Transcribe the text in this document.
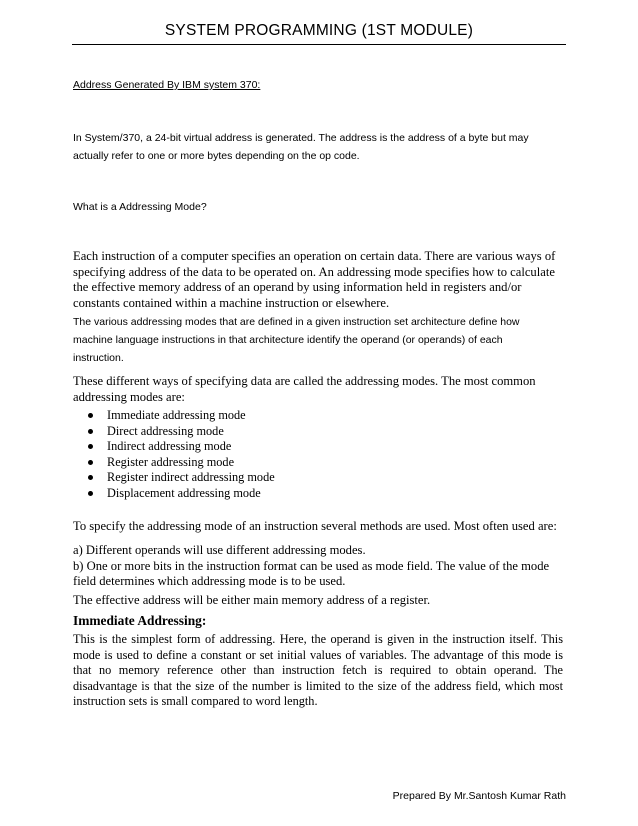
SYSTEM PROGRAMMING (1ST MODULE)
Address Generated By IBM system 370:
In System/370, a 24-bit virtual address is generated. The address is the address of a byte but may
actually refer to one or more bytes depending on the op code.
What is a Addressing Mode?
Each instruction of a computer specifies an operation on certain data. There are various ways of
specifying address of the data to be operated on. An addressing mode specifies how to calculate
the effective memory address of an operand by using information held in registers and/or
constants contained within a machine instruction or elsewhere.
The various addressing modes that are defined in a given instruction set architecture define how
machine language instructions in that architecture identify the operand (or operands) of each
instruction.
These different ways of specifying data are called the addressing modes. The most common
addressing modes are:
Immediate addressing mode
Direct addressing mode
Indirect addressing mode
Register addressing mode
Register indirect addressing mode
Displacement addressing mode
To specify the addressing mode of an instruction several methods are used. Most often used are:
a) Different operands will use different addressing modes.
b) One or more bits in the instruction format can be used as mode field. The value of the mode
field determines which addressing mode is to be used.
The effective address will be either main memory address of a register.
Immediate Addressing:
This is the simplest form of addressing. Here, the operand is given in the instruction itself. This mode is used to define a constant or set initial values of variables. The advantage of this mode is that no memory reference other than instruction fetch is required to obtain operand. The disadvantage is that the size of the number is limited to the size of the address field, which most instruction sets is small compared to word length.
Prepared By Mr.Santosh Kumar Rath
